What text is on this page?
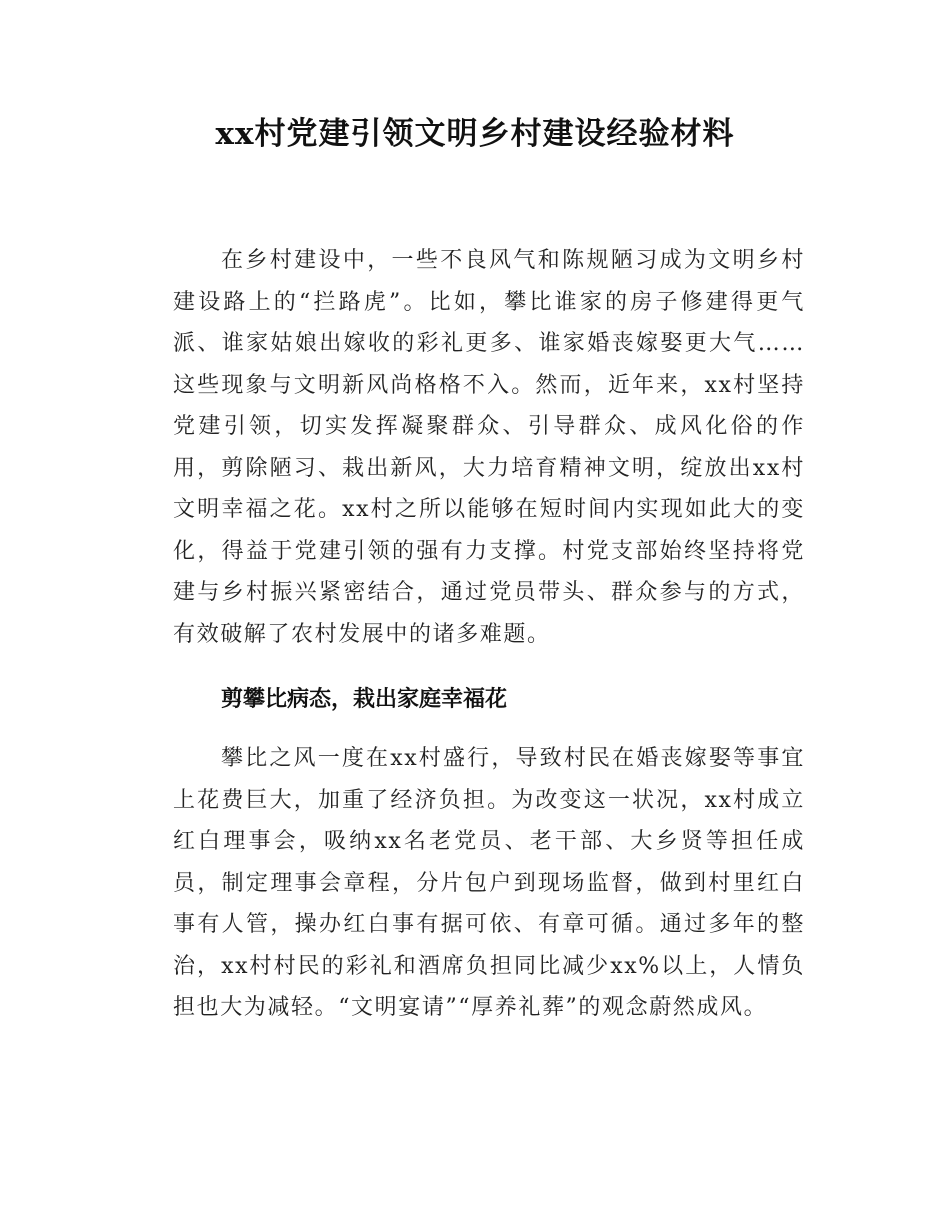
xx村党建引领文明乡村建设经验材料

在乡村建设中，一些不良风气和陈规陋习成为文明乡村建设路上的“拦路虎”。比如，攀比谁家的房子修建得更气派、谁家姑娘出嫁收的彩礼更多、谁家婚丧嫁娶更大气……这些现象与文明新风尚格格不入。然而，近年来，xx村坚持党建引领，切实发挥凝聚群众、引导群众、成风化俗的作用，剪除陋习、栽出新风，大力培育精神文明，绽放出xx村文明幸福之花。xx村之所以能够在短时间内实现如此大的变化，得益于党建引领的强有力支撑。村党支部始终坚持将党建与乡村振兴紧密结合，通过党员带头、群众参与的方式，有效破解了农村发展中的诸多难题。

剪攀比病态，栽出家庭幸福花

攀比之风一度在xx村盛行，导致村民在婚丧嫁娶等事宜上花费巨大，加重了经济负担。为改变这一状况，xx村成立红白理事会，吸纳xx名老党员、老干部、大乡贤等担任成员，制定理事会章程，分片包户到现场监督，做到村里红白事有人管，操办红白事有据可依、有章可循。通过多年的整治，xx村村民的彩礼和酒席负担同比减少xx%以上，人情负担也大为减轻。“文明宴请”“厚养礼葬”的观念蔚然成风。
